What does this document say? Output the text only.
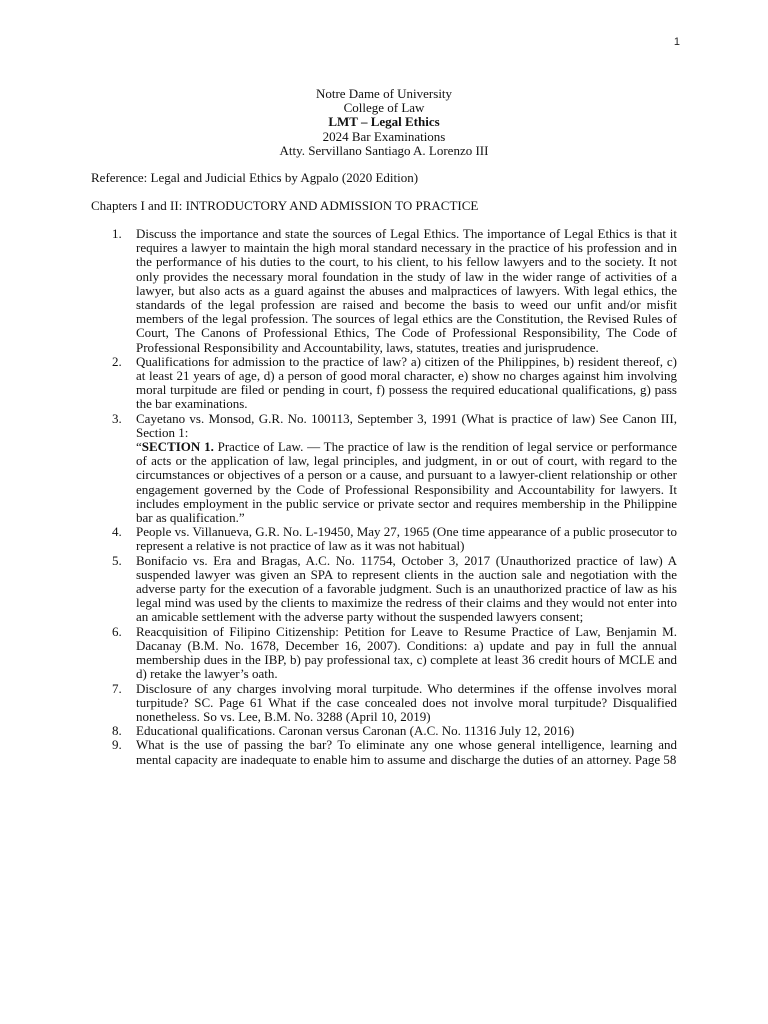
1
Notre Dame of University
College of Law
LMT – Legal Ethics
2024 Bar Examinations
Atty. Servillano Santiago A. Lorenzo III
Reference: Legal and Judicial Ethics by Agpalo (2020 Edition)
Chapters I and II: INTRODUCTORY AND ADMISSION TO PRACTICE
1. Discuss the importance and state the sources of Legal Ethics. The importance of Legal Ethics is that it requires a lawyer to maintain the high moral standard necessary in the practice of his profession and in the performance of his duties to the court, to his client, to his fellow lawyers and to the society. It not only provides the necessary moral foundation in the study of law in the wider range of activities of a lawyer, but also acts as a guard against the abuses and malpractices of lawyers. With legal ethics, the standards of the legal profession are raised and become the basis to weed our unfit and/or misfit members of the legal profession. The sources of legal ethics are the Constitution, the Revised Rules of Court, The Canons of Professional Ethics, The Code of Professional Responsibility, The Code of Professional Responsibility and Accountability, laws, statutes, treaties and jurisprudence.
2. Qualifications for admission to the practice of law? a) citizen of the Philippines, b) resident thereof, c) at least 21 years of age, d) a person of good moral character, e) show no charges against him involving moral turpitude are filed or pending in court, f) possess the required educational qualifications, g) pass the bar examinations.
3. Cayetano vs. Monsod, G.R. No. 100113, September 3, 1991 (What is practice of law) See Canon III, Section 1:
“SECTION 1. Practice of Law. — The practice of law is the rendition of legal service or performance of acts or the application of law, legal principles, and judgment, in or out of court, with regard to the circumstances or objectives of a person or a cause, and pursuant to a lawyer-client relationship or other engagement governed by the Code of Professional Responsibility and Accountability for lawyers. It includes employment in the public service or private sector and requires membership in the Philippine bar as qualification.”
4. People vs. Villanueva, G.R. No. L-19450, May 27, 1965 (One time appearance of a public prosecutor to represent a relative is not practice of law as it was not habitual)
5. Bonifacio vs. Era and Bragas, A.C. No. 11754, October 3, 2017 (Unauthorized practice of law) A suspended lawyer was given an SPA to represent clients in the auction sale and negotiation with the adverse party for the execution of a favorable judgment. Such is an unauthorized practice of law as his legal mind was used by the clients to maximize the redress of their claims and they would not enter into an amicable settlement with the adverse party without the suspended lawyers consent;
6. Reacquisition of Filipino Citizenship: Petition for Leave to Resume Practice of Law, Benjamin M. Dacanay (B.M. No. 1678, December 16, 2007). Conditions: a) update and pay in full the annual membership dues in the IBP, b) pay professional tax, c) complete at least 36 credit hours of MCLE and d) retake the lawyer’s oath.
7. Disclosure of any charges involving moral turpitude. Who determines if the offense involves moral turpitude? SC. Page 61 What if the case concealed does not involve moral turpitude? Disqualified nonetheless. So vs. Lee, B.M. No. 3288 (April 10, 2019)
8. Educational qualifications. Caronan versus Caronan (A.C. No. 11316 July 12, 2016)
9. What is the use of passing the bar? To eliminate any one whose general intelligence, learning and mental capacity are inadequate to enable him to assume and discharge the duties of an attorney. Page 58
